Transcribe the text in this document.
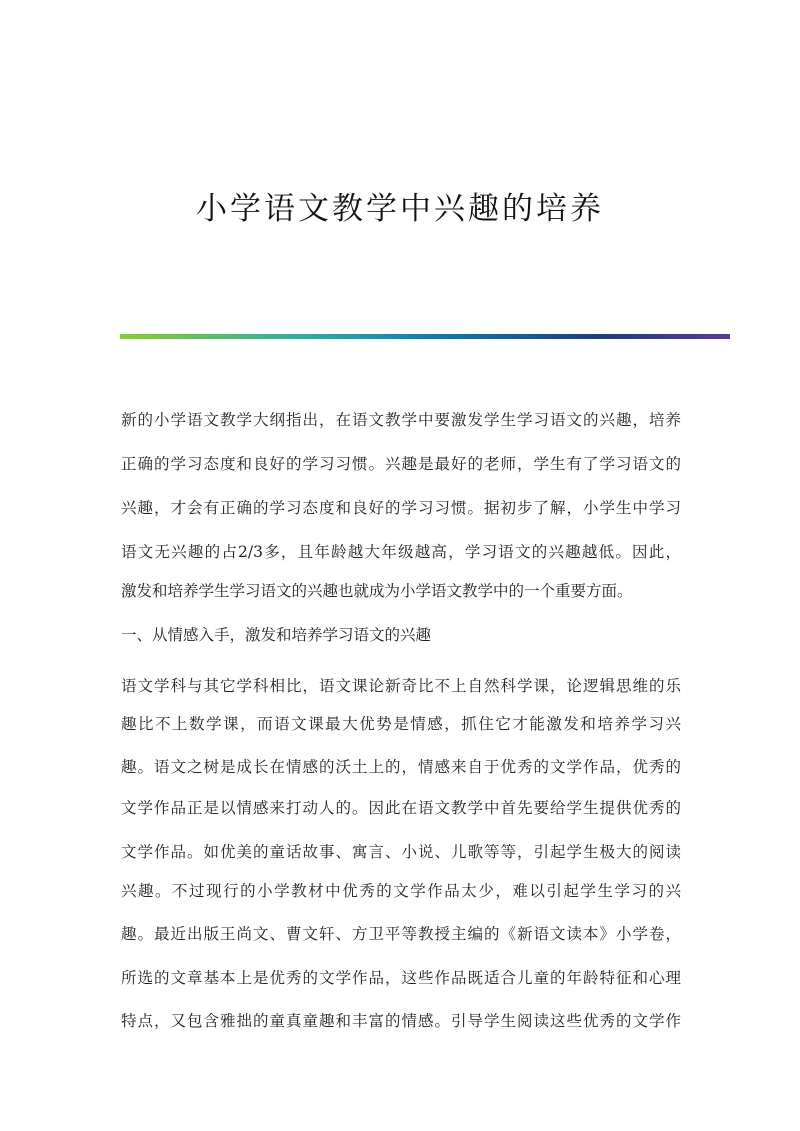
小学语文教学中兴趣的培养
新的小学语文教学大纲指出，在语文教学中要激发学生学习语文的兴趣，培养
正确的学习态度和良好的学习习惯。兴趣是最好的老师，学生有了学习语文的
兴趣，才会有正确的学习态度和良好的学习习惯。据初步了解，小学生中学习
语文无兴趣的占2/3多，且年龄越大年级越高，学习语文的兴趣越低。因此，
激发和培养学生学习语文的兴趣也就成为小学语文教学中的一个重要方面。
一、从情感入手，激发和培养学习语文的兴趣
语文学科与其它学科相比，语文课论新奇比不上自然科学课，论逻辑思维的乐
趣比不上数学课，而语文课最大优势是情感，抓住它才能激发和培养学习兴
趣。语文之树是成长在情感的沃土上的，情感来自于优秀的文学作品，优秀的
文学作品正是以情感来打动人的。因此在语文教学中首先要给学生提供优秀的
文学作品。如优美的童话故事、寓言、小说、儿歌等等，引起学生极大的阅读
兴趣。不过现行的小学教材中优秀的文学作品太少，难以引起学生学习的兴
趣。最近出版王尚文、曹文轩、方卫平等教授主编的《新语文读本》小学卷，
所选的文章基本上是优秀的文学作品，这些作品既适合儿童的年龄特征和心理
特点，又包含雅拙的童真童趣和丰富的情感。引导学生阅读这些优秀的文学作
